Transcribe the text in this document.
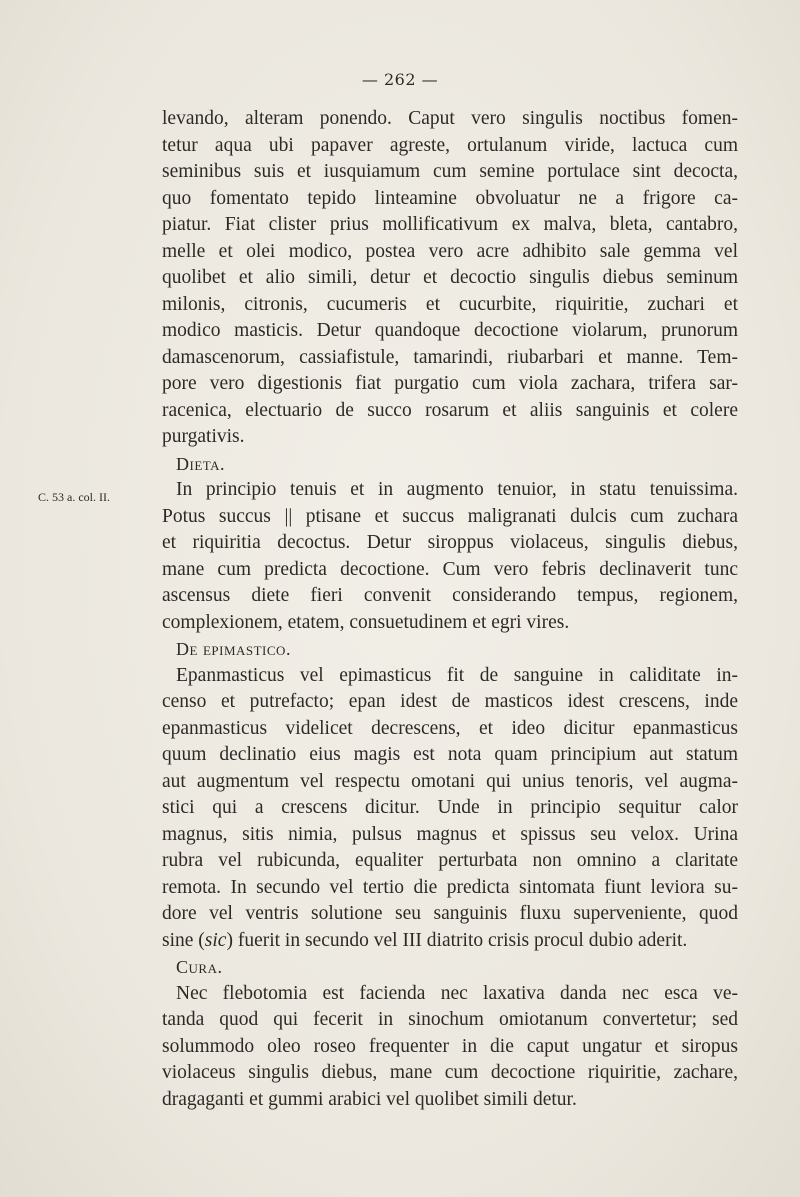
— 262 —
C. 53 a. col. II.
levando, alteram ponendo. Caput vero singulis noctibus fomen-
tetur aqua ubi papaver agreste, ortulanum viride, lactuca cum
seminibus suis et iusquiamum cum semine portulace sint decocta,
quo fomentato tepido linteamine obvoluatur ne a frigore ca-
piatur. Fiat clister prius mollificativum ex malva, bleta, cantabro,
melle et olei modico, postea vero acre adhibito sale gemma vel
quolibet et alio simili, detur et decoctio singulis diebus seminum
milonis, citronis, cucumeris et cucurbite, riquiritie, zuchari et
modico masticis. Detur quandoque decoctione violarum, prunorum
damascenorum, cassiafistule, tamarindi, riubarbari et manne. Tem-
pore vero digestionis fiat purgatio cum viola zachara, trifera sar-
racenica, electuario de succo rosarum et aliis sanguinis et colere
purgativis.
Dieta.
In principio tenuis et in augmento tenuior, in statu tenuissima.
Potus succus || ptisane et succus maligranati dulcis cum zuchara
et riquiritia decoctus. Detur siroppus violaceus, singulis diebus,
mane cum predicta decoctione. Cum vero febris declinaverit tunc
ascensus diete fieri convenit considerando tempus, regionem,
complexionem, etatem, consuetudinem et egri vires.
De epimastico.
Epanmasticus vel epimasticus fit de sanguine in caliditate in-
censo et putrefacto; epan idest de masticos idest crescens, inde
epanmasticus videlicet decrescens, et ideo dicitur epanmasticus
quum declinatio eius magis est nota quam principium aut statum
aut augmentum vel respectu omotani qui unius tenoris, vel augma-
stici qui a crescens dicitur. Unde in principio sequitur calor
magnus, sitis nimia, pulsus magnus et spissus seu velox. Urina
rubra vel rubicunda, equaliter perturbata non omnino a claritate
remota. In secundo vel tertio die predicta sintomata fiunt leviora su-
dore vel ventris solutione seu sanguinis fluxu superveniente, quod
sine (sic) fuerit in secundo vel III diatrito crisis procul dubio aderit.
Cura.
Nec flebotomia est facienda nec laxativa danda nec esca ve-
tanda quod qui fecerit in sinochum omiotanum convertetur; sed
solummodo oleo roseo frequenter in die caput ungatur et siropus
violaceus singulis diebus, mane cum decoctione riquiritie, zachare,
dragaganti et gummi arabici vel quolibet simili detur.
